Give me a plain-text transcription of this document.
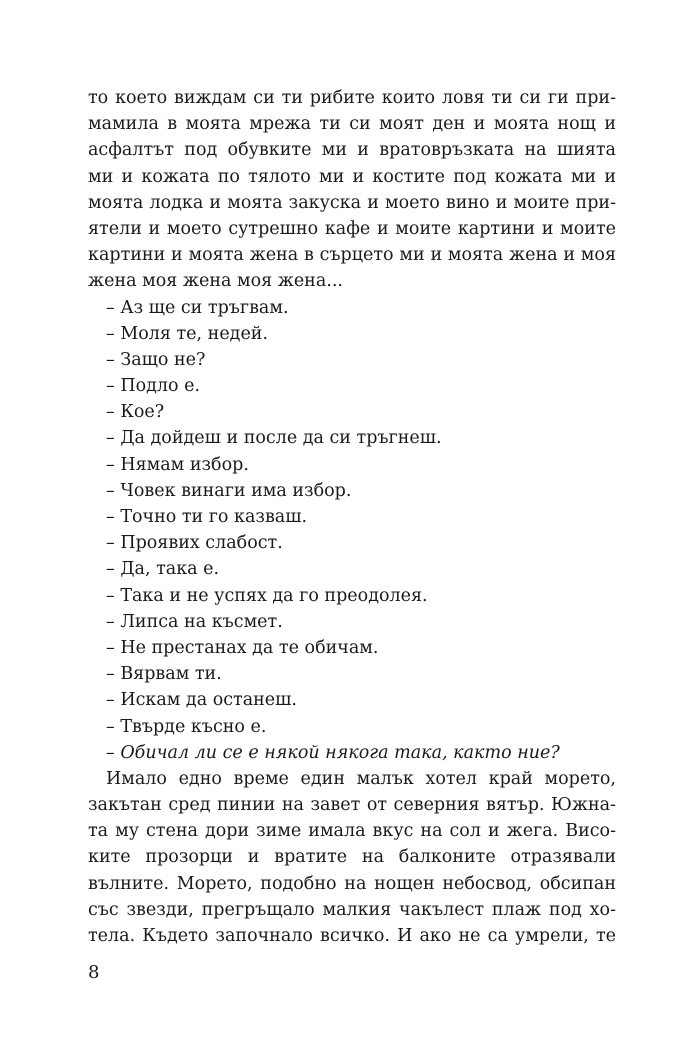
то което виждам си ти рибите които ловя ти си ги при-
мамила в моята мрежа ти си моят ден и моята нощ и
асфалтът под обувките ми и вратовръзката на шията
ми и кожата по тялото ми и костите под кожата ми и
моята лодка и моята закуска и моето вино и моите при-
ятели и моето сутрешно кафе и моите картини и моите
картини и моята жена в сърцето ми и моята жена и моя
жена моя жена моя жена...
– Аз ще си тръгвам.
– Моля те, недей.
– Защо не?
– Подло е.
– Кое?
– Да дойдеш и после да си тръгнеш.
– Нямам избор.
– Човек винаги има избор.
– Точно ти го казваш.
– Проявих слабост.
– Да, така е.
– Така и не успях да го преодолея.
– Липса на късмет.
– Не престанах да те обичам.
– Вярвам ти.
– Искам да останеш.
– Твърде късно е.
– Обичал ли се е някой някога така, както ние?
Имало едно време един малък хотел край морето,
закътан сред пинии на завет от северния вятър. Южна-
та му стена дори зиме имала вкус на сол и жега. Висо-
ките прозорци и вратите на балконите отразявали
вълните. Морето, подобно на нощен небосвод, обсипан
със звезди, прегръщало малкия чакълест плаж под хо-
тела. Където започнало всичко. И ако не са умрели, те
8
